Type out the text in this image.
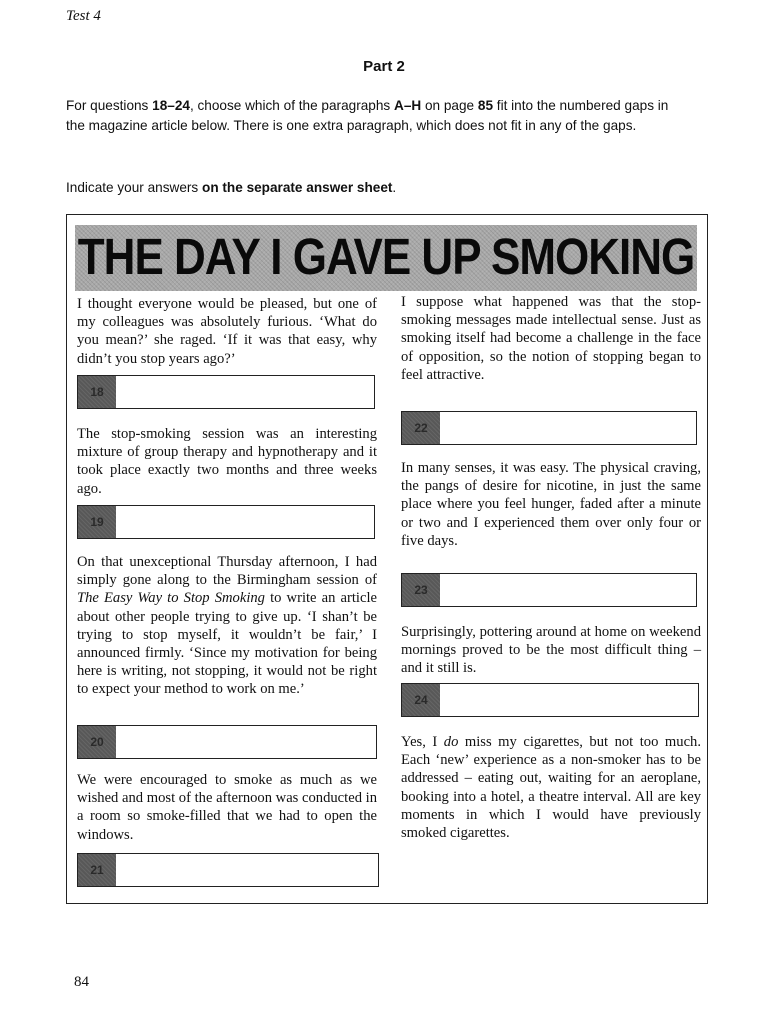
Test 4
Part 2
For questions 18–24, choose which of the paragraphs A–H on page 85 fit into the numbered gaps in the magazine article below. There is one extra paragraph, which does not fit in any of the gaps.
Indicate your answers on the separate answer sheet.
THE DAY I GAVE UP SMOKING

I thought everyone would be pleased, but one of my colleagues was absolutely furious. ‘What do you mean?’ she raged. ‘If it was that easy, why didn’t you stop years ago?’

18

The stop-smoking session was an interesting mixture of group therapy and hypnotherapy and it took place exactly two months and three weeks ago.

19

On that unexceptional Thursday afternoon, I had simply gone along to the Birmingham session of The Easy Way to Stop Smoking to write an article about other people trying to give up. ‘I shan’t be trying to stop myself, it wouldn’t be fair,’ I announced firmly. ‘Since my motivation for being here is writing, not stopping, it would not be right to expect your method to work on me.’

20

We were encouraged to smoke as much as we wished and most of the afternoon was conducted in a room so smoke-filled that we had to open the windows.

21

I suppose what happened was that the stop-smoking messages made intellectual sense. Just as smoking itself had become a challenge in the face of opposition, so the notion of stopping began to feel attractive.

22

In many senses, it was easy. The physical craving, the pangs of desire for nicotine, in just the same place where you feel hunger, faded after a minute or two and I experienced them over only four or five days.

23

Surprisingly, pottering around at home on weekend mornings proved to be the most difficult thing – and it still is.

24

Yes, I do miss my cigarettes, but not too much. Each ‘new’ experience as a non-smoker has to be addressed – eating out, waiting for an aeroplane, booking into a hotel, a theatre interval. All are key moments in which I would have previously smoked cigarettes.

84
